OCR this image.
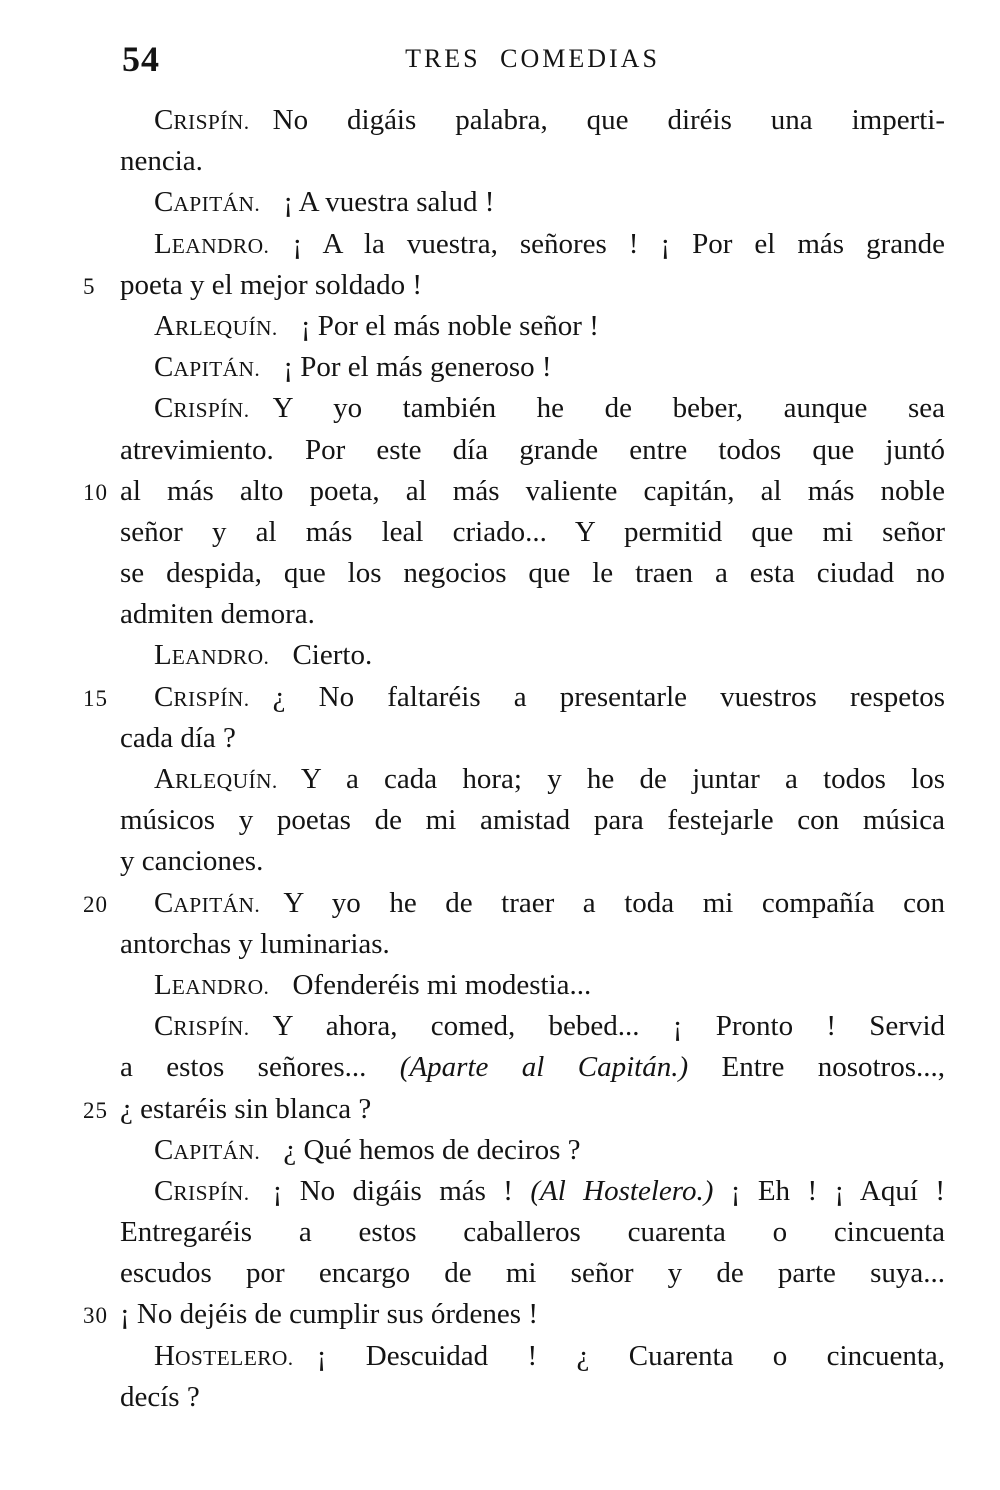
54	TRES COMEDIAS
CRISPÍN. No digáis palabra, que diréis una imperti-
nencia.
CAPITÁN. ¡ A vuestra salud !
LEANDRO. ¡ A la vuestra, señores ! ¡ Por el más grande
5 poeta y el mejor soldado !
ARLEQUÍN. ¡ Por el más noble señor !
CAPITÁN. ¡ Por el más generoso !
CRISPÍN. Y yo también he de beber, aunque sea
atrevimiento. Por este día grande entre todos que juntó
10 al más alto poeta, al más valiente capitán, al más noble
señor y al más leal criado... Y permitid que mi señor
se despida, que los negocios que le traen a esta ciudad no
admiten demora.
LEANDRO. Cierto.
15 CRISPÍN. ¿ No faltaréis a presentarle vuestros respetos
cada día ?
ARLEQUÍN. Y a cada hora; y he de juntar a todos los
músicos y poetas de mi amistad para festejarle con música
y canciones.
20 CAPITÁN. Y yo he de traer a toda mi compañía con
antorchas y luminarias.
LEANDRO. Ofenderéis mi modestia...
CRISPÍN. Y ahora, comed, bebed... ¡ Pronto ! Servid
a estos señores... (Aparte al Capitán.) Entre nosotros...,
25 ¿ estaréis sin blanca ?
CAPITÁN. ¿ Qué hemos de deciros ?
CRISPÍN. ¡ No digáis más ! (Al Hostelero.) ¡ Eh ! ¡ Aquí !
Entregaréis a estos caballeros cuarenta o cincuenta
escudos por encargo de mi señor y de parte suya...
30 ¡ No dejéis de cumplir sus órdenes !
HOSTELERO. ¡ Descuidad ! ¿ Cuarenta o cincuenta,
decís ?
